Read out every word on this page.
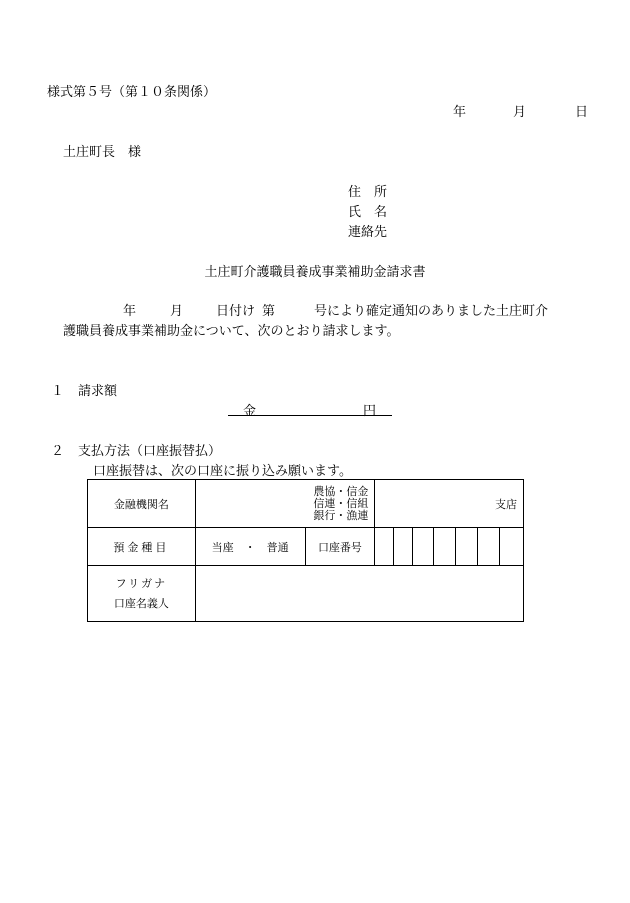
様式第５号（第１０条関係）
年	月	日
土庄町長　様
住　所
氏　名
連絡先
土庄町介護職員養成事業補助金請求書
年	月	日付け 第	号により確定通知のありました土庄町介
護職員養成事業補助金について、次のとおり請求します。
１ 請求額
金	円
２ 支払方法（口座振替払）
口座振替は、次の口座に振り込み願います。
金融機関名	農協・信金
信連・信組
銀行・漁連		支店						
預金種目	当座　・　普通	口座番号							

フリガナ
口座名義人									
